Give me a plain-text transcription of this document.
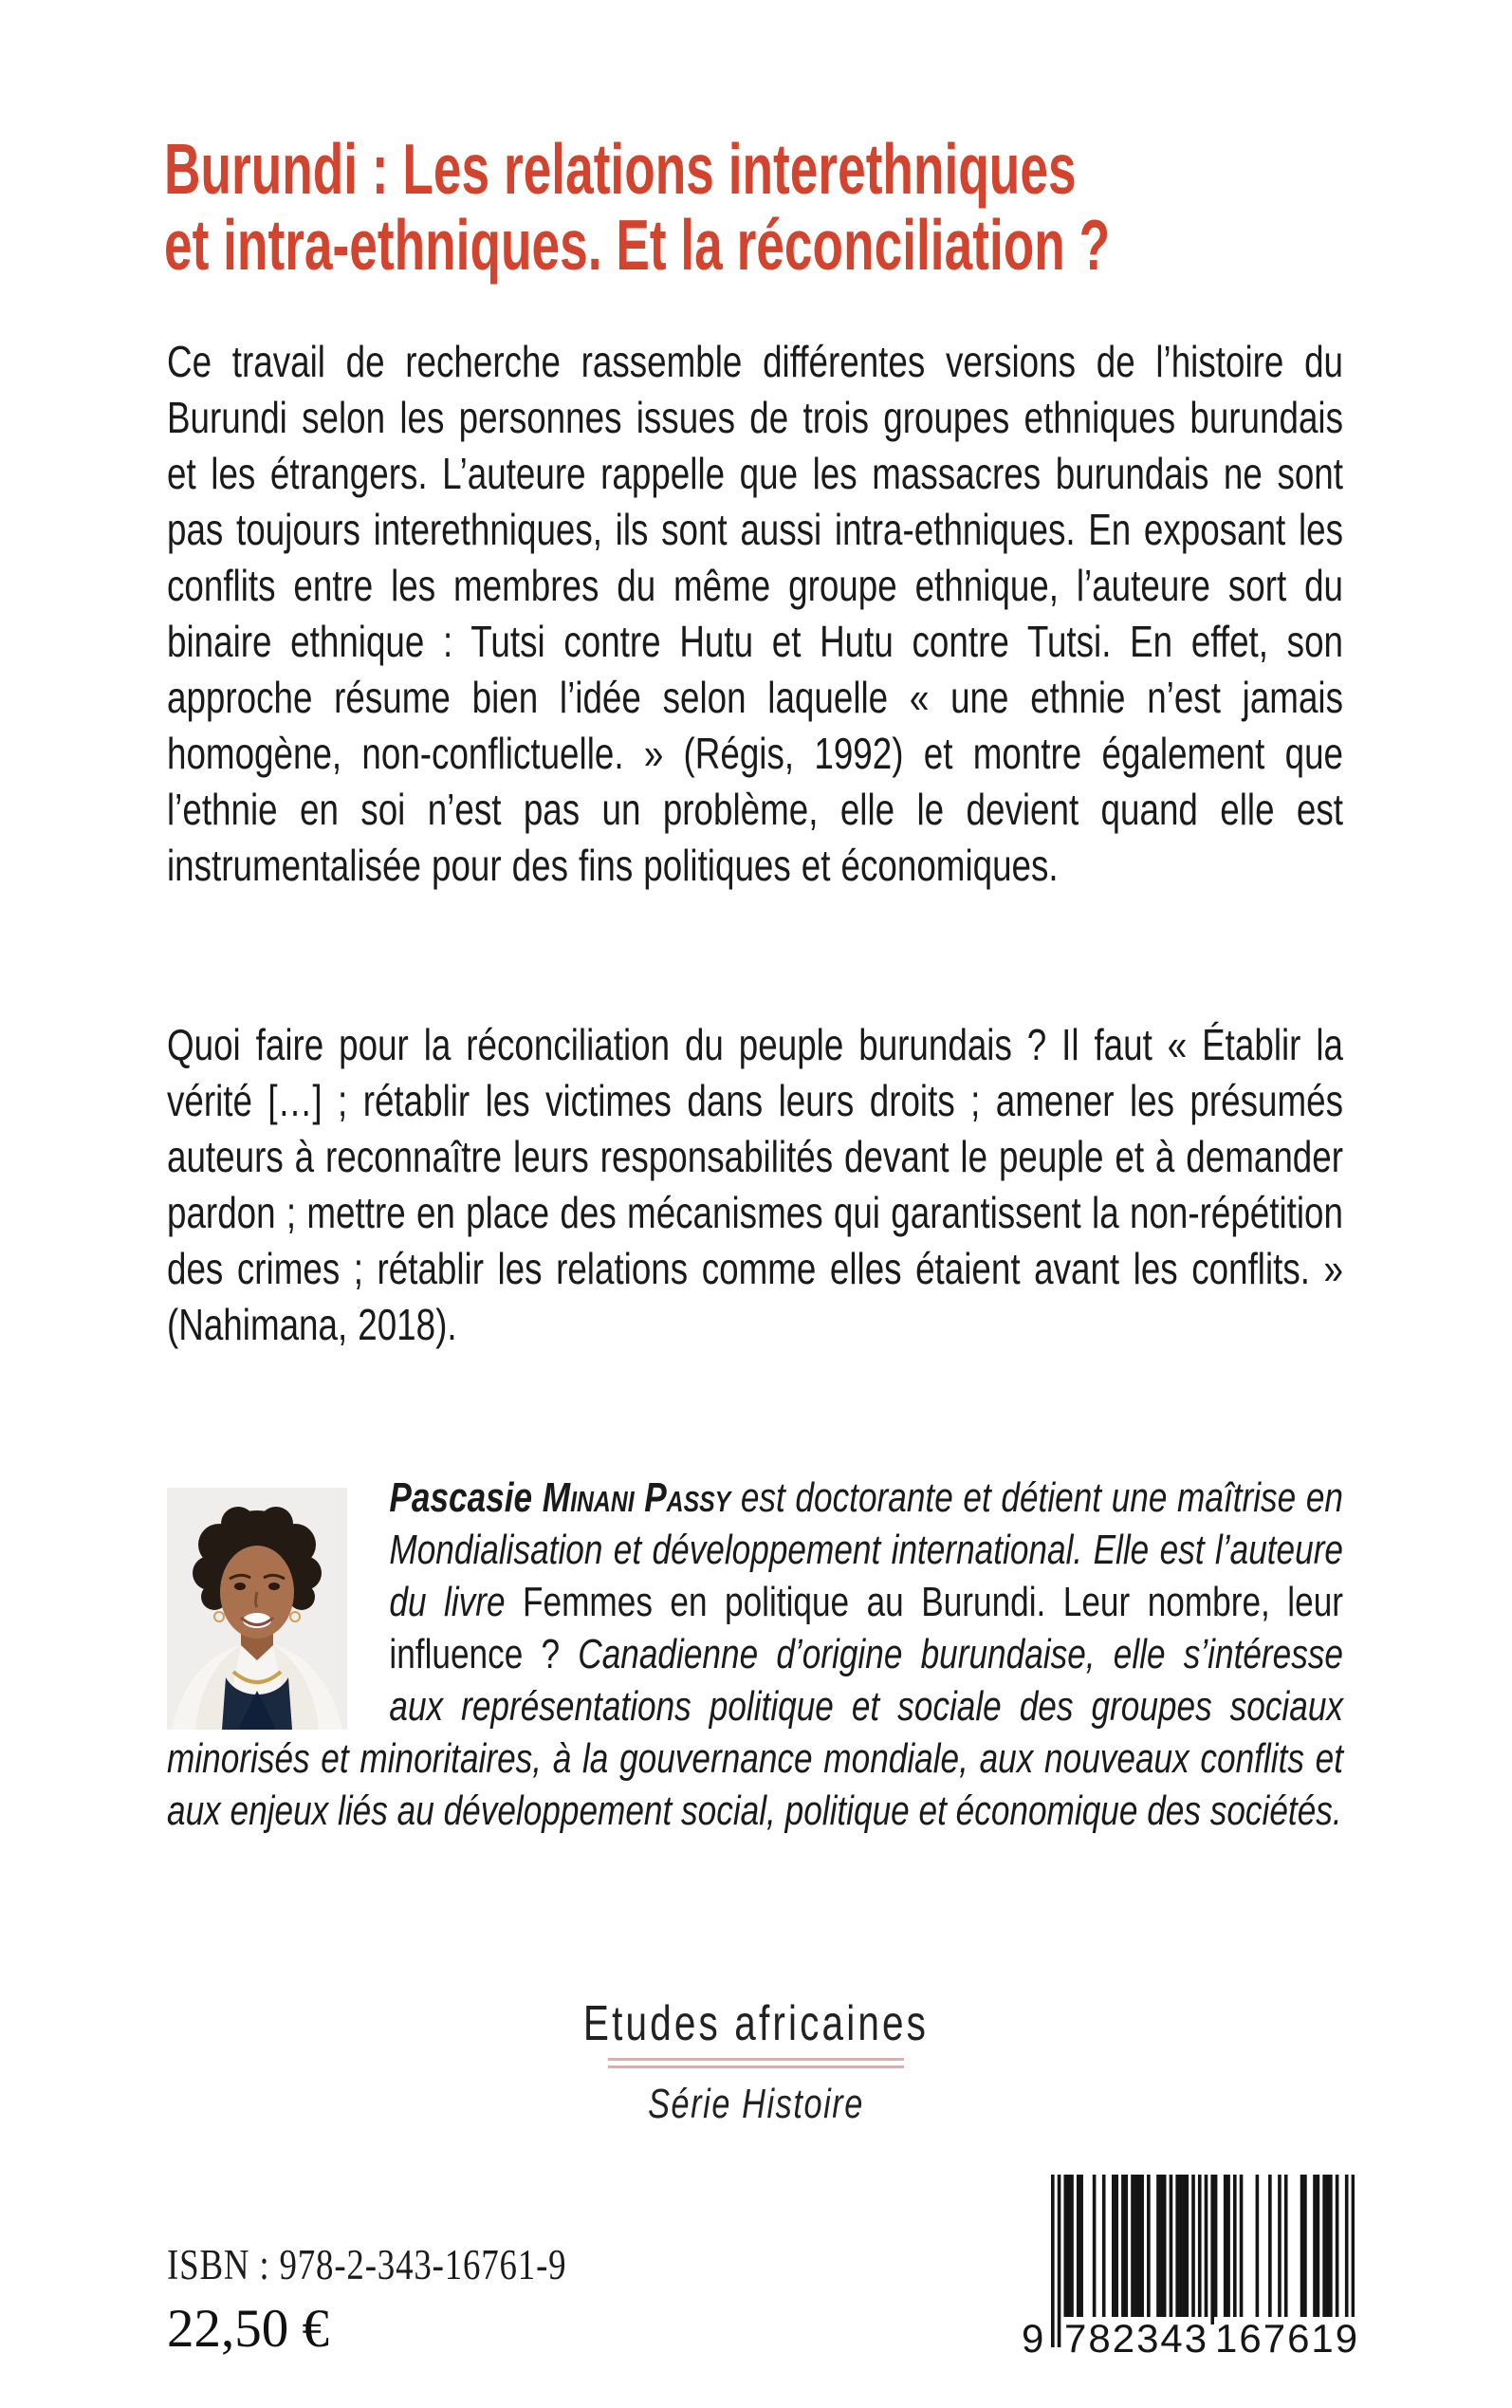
Burundi : Les relations interethniques
et intra-ethniques. Et la réconciliation ?
Ce travail de recherche rassemble différentes versions de l’histoire du Burundi selon les personnes issues de trois groupes ethniques burundais et les étrangers. L’auteure rappelle que les massacres burundais ne sont pas toujours interethniques, ils sont aussi intra-ethniques. En exposant les conflits entre les membres du même groupe ethnique, l’auteure sort du binaire ethnique : Tutsi contre Hutu et Hutu contre Tutsi. En effet, son approche résume bien l’idée selon laquelle « une ethnie n’est jamais homogène, non-conflictuelle. » (Régis, 1992) et montre également que l’ethnie en soi n’est pas un problème, elle le devient quand elle est instrumentalisée pour des fins politiques et économiques.
Quoi faire pour la réconciliation du peuple burundais ? Il faut « Établir la vérité […] ; rétablir les victimes dans leurs droits ; amener les présumés auteurs à reconnaître leurs responsabilités devant le peuple et à demander pardon ; mettre en place des mécanismes qui garantissent la non-répétition des crimes ; rétablir les relations comme elles étaient avant les conflits. » (Nahimana, 2018).
Pascasie Minani Passy est doctorante et détient une maîtrise en Mondialisation et développement international. Elle est l’auteure du livre Femmes en politique au Burundi. Leur nombre, leur influence ? Canadienne d’origine burundaise, elle s’intéresse aux représentations politique et sociale des groupes sociaux minorisés et minoritaires, à la gouvernance mondiale, aux nouveaux conflits et aux enjeux liés au développement social, politique et économique des sociétés.
Etudes africaines
Série Histoire
ISBN : 978-2-343-16761-9
22,50 €	9 782343 167619
